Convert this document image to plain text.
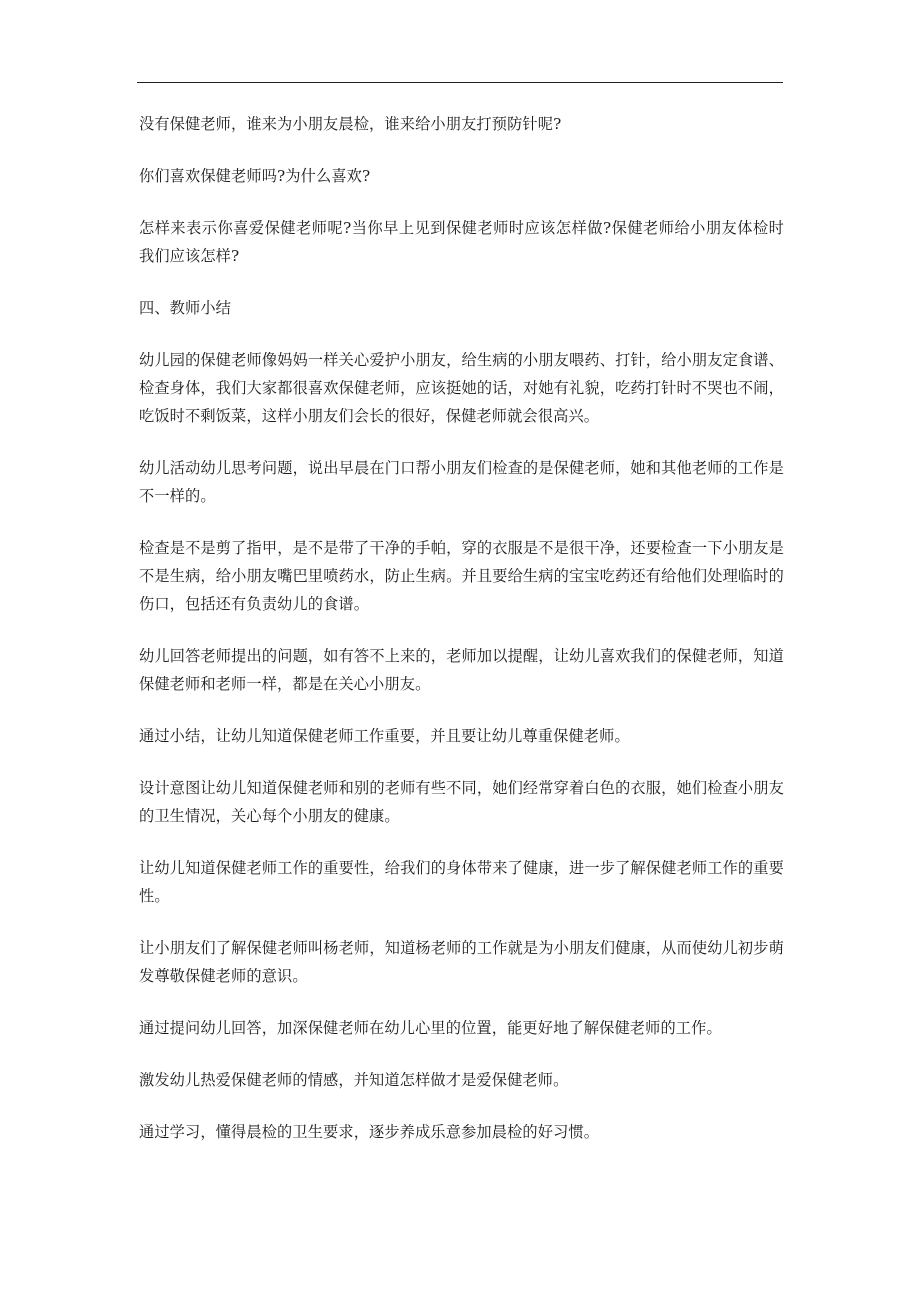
没有保健老师，谁来为小朋友晨检，谁来给小朋友打预防针呢?

你们喜欢保健老师吗?为什么喜欢?

怎样来表示你喜爱保健老师呢?当你早上见到保健老师时应该怎样做?保健老师给小朋友体检时我们应该怎样?

四、教师小结

幼儿园的保健老师像妈妈一样关心爱护小朋友，给生病的小朋友喂药、打针，给小朋友定食谱、检查身体，我们大家都很喜欢保健老师，应该挺她的话，对她有礼貌，吃药打针时不哭也不闹，吃饭时不剩饭菜，这样小朋友们会长的很好，保健老师就会很高兴。

幼儿活动幼儿思考问题，说出早晨在门口帮小朋友们检查的是保健老师，她和其他老师的工作是不一样的。

检查是不是剪了指甲，是不是带了干净的手帕，穿的衣服是不是很干净，还要检查一下小朋友是不是生病，给小朋友嘴巴里喷药水，防止生病。并且要给生病的宝宝吃药还有给他们处理临时的伤口，包括还有负责幼儿的食谱。

幼儿回答老师提出的问题，如有答不上来的，老师加以提醒，让幼儿喜欢我们的保健老师，知道保健老师和老师一样，都是在关心小朋友。

通过小结，让幼儿知道保健老师工作重要，并且要让幼儿尊重保健老师。

设计意图让幼儿知道保健老师和别的老师有些不同，她们经常穿着白色的衣服，她们检查小朋友的卫生情况，关心每个小朋友的健康。

让幼儿知道保健老师工作的重要性，给我们的身体带来了健康，进一步了解保健老师工作的重要性。

让小朋友们了解保健老师叫杨老师，知道杨老师的工作就是为小朋友们健康，从而使幼儿初步萌发尊敬保健老师的意识。

通过提问幼儿回答，加深保健老师在幼儿心里的位置，能更好地了解保健老师的工作。

激发幼儿热爱保健老师的情感，并知道怎样做才是爱保健老师。

通过学习，懂得晨检的卫生要求，逐步养成乐意参加晨检的好习惯。
